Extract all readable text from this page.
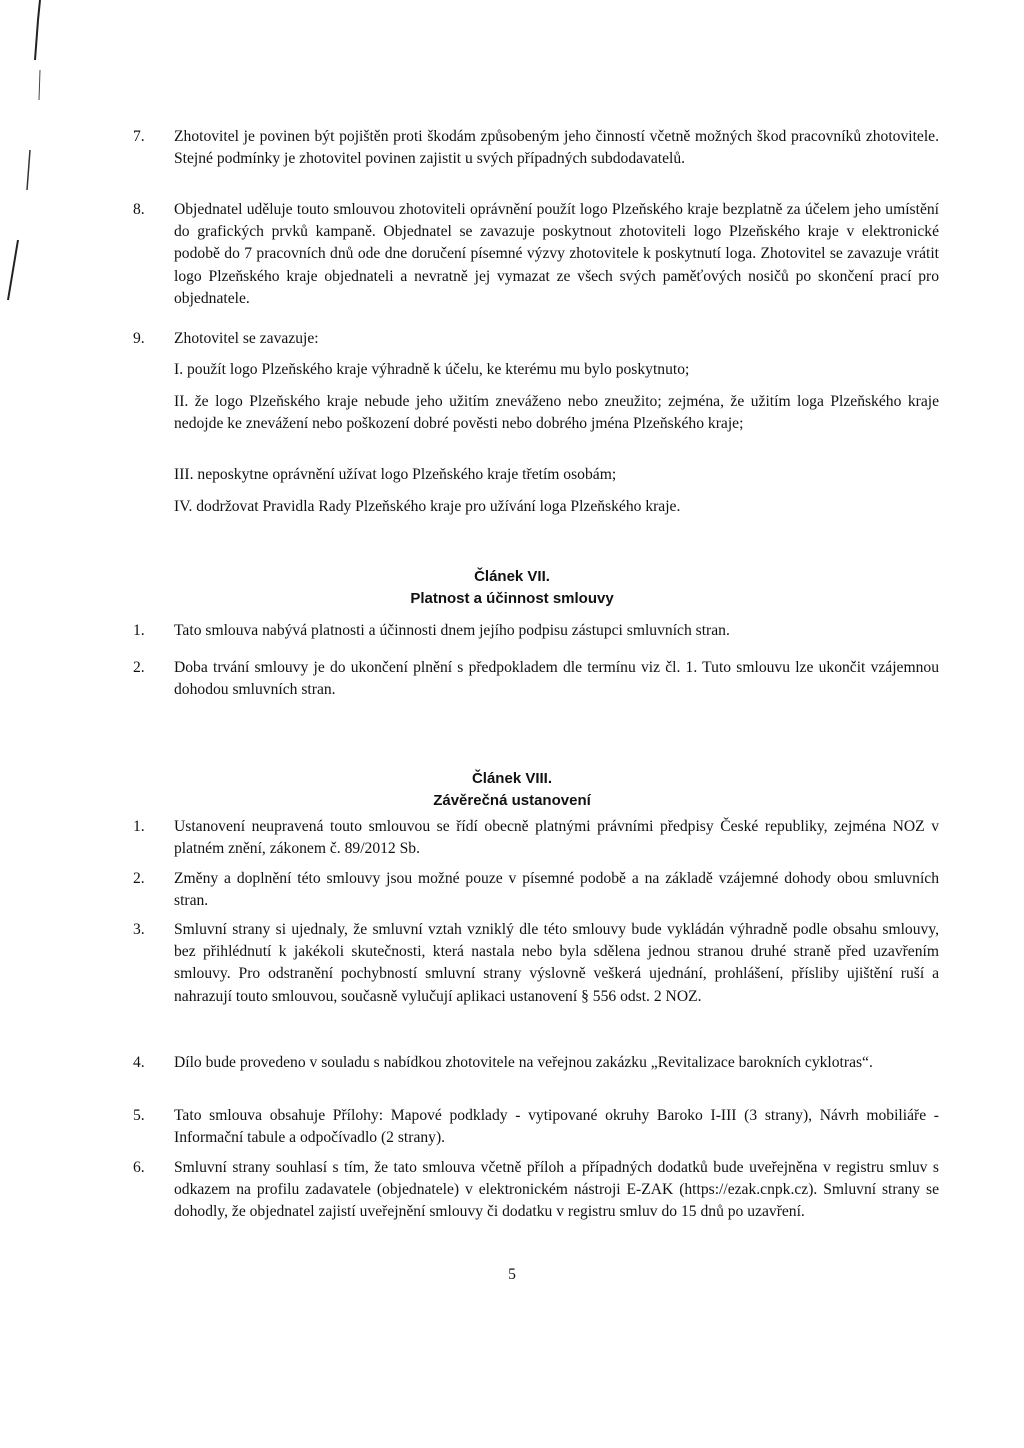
7.	Zhotovitel je povinen být pojištěn proti škodám způsobeným jeho činností včetně možných škod pracovníků zhotovitele. Stejné podmínky je zhotovitel povinen zajistit u svých případných subdodavatelů.
8.	Objednatel uděluje touto smlouvou zhotoviteli oprávnění použít logo Plzeňského kraje bezplatně za účelem jeho umístění do grafických prvků kampaně. Objednatel se zavazuje poskytnout zhotoviteli logo Plzeňského kraje v elektronické podobě do 7 pracovních dnů ode dne doručení písemné výzvy zhotovitele k poskytnutí loga. Zhotovitel se zavazuje vrátit logo Plzeňského kraje objednateli a nevratně jej vymazat ze všech svých paměťových nosičů po skončení prací pro objednatele.
9.	Zhotovitel se zavazuje:
I. použít logo Plzeňského kraje výhradně k účelu, ke kterému mu bylo poskytnuto;
II. že logo Plzeňského kraje nebude jeho užitím zneváženo nebo zneužito; zejména, že užitím loga Plzeňského kraje nedojde ke znevážení nebo poškození dobré pověsti nebo dobrého jména Plzeňského kraje;
III. neposkytne oprávnění užívat logo Plzeňského kraje třetím osobám;
IV. dodržovat Pravidla Rady Plzeňského kraje pro užívání loga Plzeňského kraje.
Článek VII.
Platnost a účinnost smlouvy
1.	Tato smlouva nabývá platnosti a účinnosti dnem jejího podpisu zástupci smluvních stran.
2.	Doba trvání smlouvy je do ukončení plnění s předpokladem dle termínu viz čl. 1. Tuto smlouvu lze ukončit vzájemnou dohodou smluvních stran.
Článek VIII.
Závěrečná ustanovení
1.	Ustanovení neupravená touto smlouvou se řídí obecně platnými právními předpisy České republiky, zejména NOZ v platném znění, zákonem č. 89/2012 Sb.
2.	Změny a doplnění této smlouvy jsou možné pouze v písemné podobě a na základě vzájemné dohody obou smluvních stran.
3.	Smluvní strany si ujednaly, že smluvní vztah vzniklý dle této smlouvy bude vykládán výhradně podle obsahu smlouvy, bez přihlédnutí k jakékoli skutečnosti, která nastala nebo byla sdělena jednou stranou druhé straně před uzavřením smlouvy. Pro odstranění pochybností smluvní strany výslovně veškerá ujednání, prohlášení, přísliby ujištění ruší a nahrazují touto smlouvou, současně vylučují aplikaci ustanovení § 556 odst. 2 NOZ.
4.	Dílo bude provedeno v souladu s nabídkou zhotovitele na veřejnou zakázku „Revitalizace barokních cyklotras“.
5.	Tato smlouva obsahuje Přílohy: Mapové podklady - vytipované okruhy Baroko I-III (3 strany), Návrh mobiliáře - Informační tabule a odpočívadlo (2 strany).
6.	Smluvní strany souhlasí s tím, že tato smlouva včetně příloh a případných dodatků bude uveřejněna v registru smluv s odkazem na profilu zadavatele (objednatele) v elektronickém nástroji E-ZAK (https://ezak.cnpk.cz). Smluvní strany se dohodly, že objednatel zajistí uveřejnění smlouvy či dodatku v registru smluv do 15 dnů po uzavření.
5
